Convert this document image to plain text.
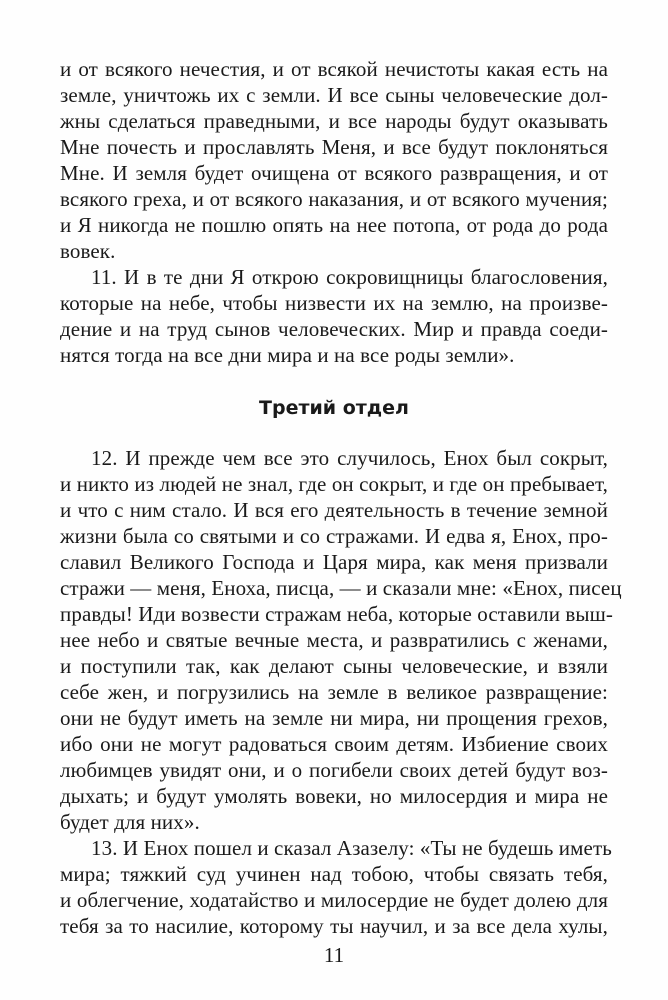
и от всякого нечестия, и от всякой нечистоты какая есть на
земле, уничтожь их с земли. И все сыны человеческие дол-
жны сделаться праведными, и все народы будут оказывать
Мне почесть и прославлять Меня, и все будут поклоняться
Мне. И земля будет очищена от всякого развращения, и от
всякого греха, и от всякого наказания, и от всякого мучения;
и Я никогда не пошлю опять на нее потопа, от рода до рода
вовек.
11. И в те дни Я открою сокровищницы благословения,
которые на небе, чтобы низвести их на землю, на произве-
дение и на труд сынов человеческих. Мир и правда соеди-
нятся тогда на все дни мира и на все роды земли».
Третий отдел
12. И прежде чем все это случилось, Енох был сокрыт,
и никто из людей не знал, где он сокрыт, и где он пребывает,
и что с ним стало. И вся его деятельность в течение земной
жизни была со святыми и со стражами. И едва я, Енох, про-
славил Великого Господа и Царя мира, как меня призвали
стражи — меня, Еноха, писца, — и сказали мне: «Енох, писец
правды! Иди возвести стражам неба, которые оставили выш-
нее небо и святые вечные места, и развратились с женами,
и поступили так, как делают сыны человеческие, и взяли
себе жен, и погрузились на земле в великое развращение:
они не будут иметь на земле ни мира, ни прощения грехов,
ибо они не могут радоваться своим детям. Избиение своих
любимцев увидят они, и о погибели своих детей будут воз-
дыхать; и будут умолять вовеки, но милосердия и мира не
будет для них».
13. И Енох пошел и сказал Азазелу: «Ты не будешь иметь
мира; тяжкий суд учинен над тобою, чтобы связать тебя,
и облегчение, ходатайство и милосердие не будет долею для
тебя за то насилие, которому ты научил, и за все дела хулы,
11
